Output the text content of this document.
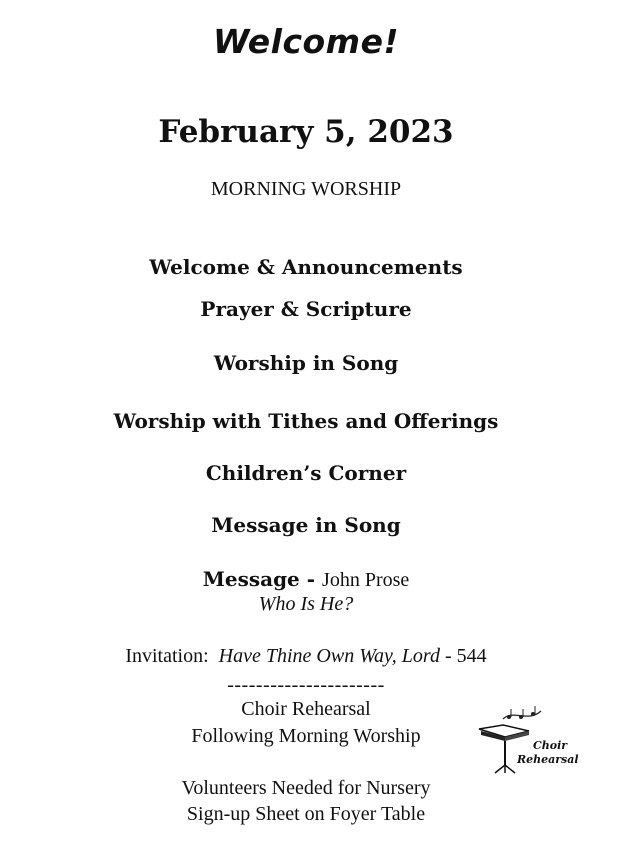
Welcome!
February 5, 2023
MORNING WORSHIP
Welcome & Announcements
Prayer & Scripture
Worship in Song
Worship with Tithes and Offerings
Children’s Corner
Message in Song
Message - John Prose
Who Is He?
Invitation: Have Thine Own Way, Lord - 544
----------------------
Choir Rehearsal
Following Morning Worship
Volunteers Needed for Nursery
Sign-up Sheet on Foyer Table
Choir
Rehearsal
